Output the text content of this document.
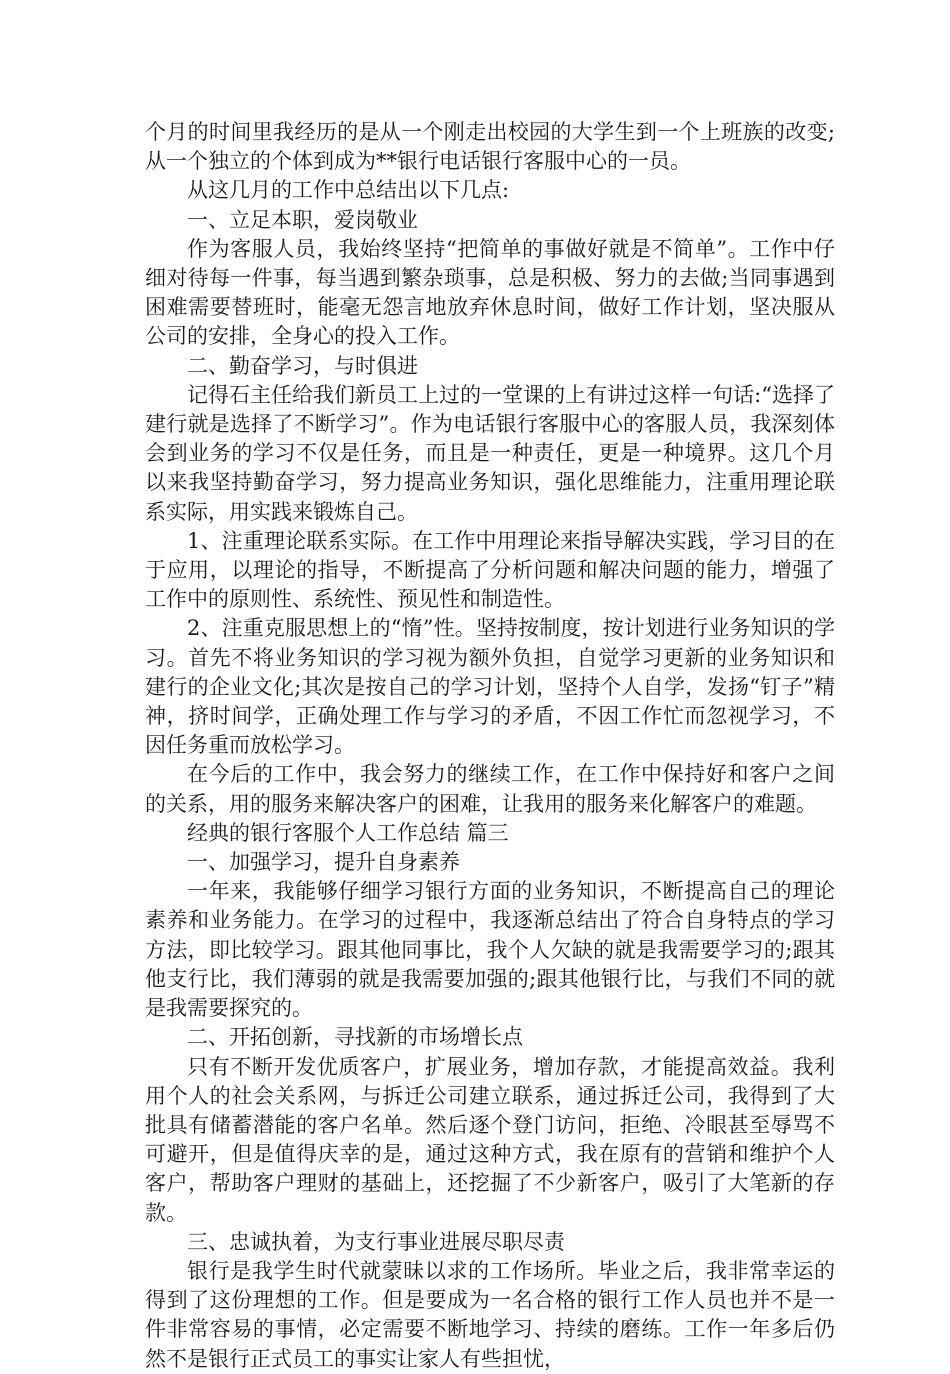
个月的时间里我经历的是从一个刚走出校园的大学生到一个上班族的改变;从一个独立的个体到成为**银行电话银行客服中心的一员。

从这几月的工作中总结出以下几点:

一、立足本职，爱岗敬业

作为客服人员，我始终坚持“把简单的事做好就是不简单”。工作中仔细对待每一件事，每当遇到繁杂琐事，总是积极、努力的去做;当同事遇到困难需要替班时，能毫无怨言地放弃休息时间，做好工作计划，坚决服从公司的安排，全身心的投入工作。

二、勤奋学习，与时俱进

记得石主任给我们新员工上过的一堂课的上有讲过这样一句话:“选择了建行就是选择了不断学习”。作为电话银行客服中心的客服人员，我深刻体会到业务的学习不仅是任务，而且是一种责任，更是一种境界。这几个月以来我坚持勤奋学习，努力提高业务知识，强化思维能力，注重用理论联系实际，用实践来锻炼自己。

1、注重理论联系实际。在工作中用理论来指导解决实践，学习目的在于应用，以理论的指导，不断提高了分析问题和解决问题的能力，增强了工作中的原则性、系统性、预见性和制造性。

2、注重克服思想上的“惰”性。坚持按制度，按计划进行业务知识的学习。首先不将业务知识的学习视为额外负担，自觉学习更新的业务知识和建行的企业文化;其次是按自己的学习计划，坚持个人自学，发扬“钉子”精神，挤时间学，正确处理工作与学习的矛盾，不因工作忙而忽视学习，不因任务重而放松学习。

在今后的工作中，我会努力的继续工作，在工作中保持好和客户之间的关系，用的服务来解决客户的困难，让我用的服务来化解客户的难题。

经典的银行客服个人工作总结 篇三

一、加强学习，提升自身素养

一年来，我能够仔细学习银行方面的业务知识，不断提高自己的理论素养和业务能力。在学习的过程中，我逐渐总结出了符合自身特点的学习方法，即比较学习。跟其他同事比，我个人欠缺的就是我需要学习的;跟其他支行比，我们薄弱的就是我需要加强的;跟其他银行比，与我们不同的就是我需要探究的。

二、开拓创新，寻找新的市场增长点

只有不断开发优质客户，扩展业务，增加存款，才能提高效益。我利用个人的社会关系网，与拆迁公司建立联系，通过拆迁公司，我得到了大批具有储蓄潜能的客户名单。然后逐个登门访问，拒绝、冷眼甚至辱骂不可避开，但是值得庆幸的是，通过这种方式，我在原有的营销和维护个人客户，帮助客户理财的基础上，还挖掘了不少新客户，吸引了大笔新的存款。

三、忠诚执着，为支行事业进展尽职尽责

银行是我学生时代就蒙昧以求的工作场所。毕业之后，我非常幸运的得到了这份理想的工作。但是要成为一名合格的银行工作人员也并不是一件非常容易的事情，必定需要不断地学习、持续的磨练。工作一年多后仍然不是银行正式员工的事实让家人有些担忧，
